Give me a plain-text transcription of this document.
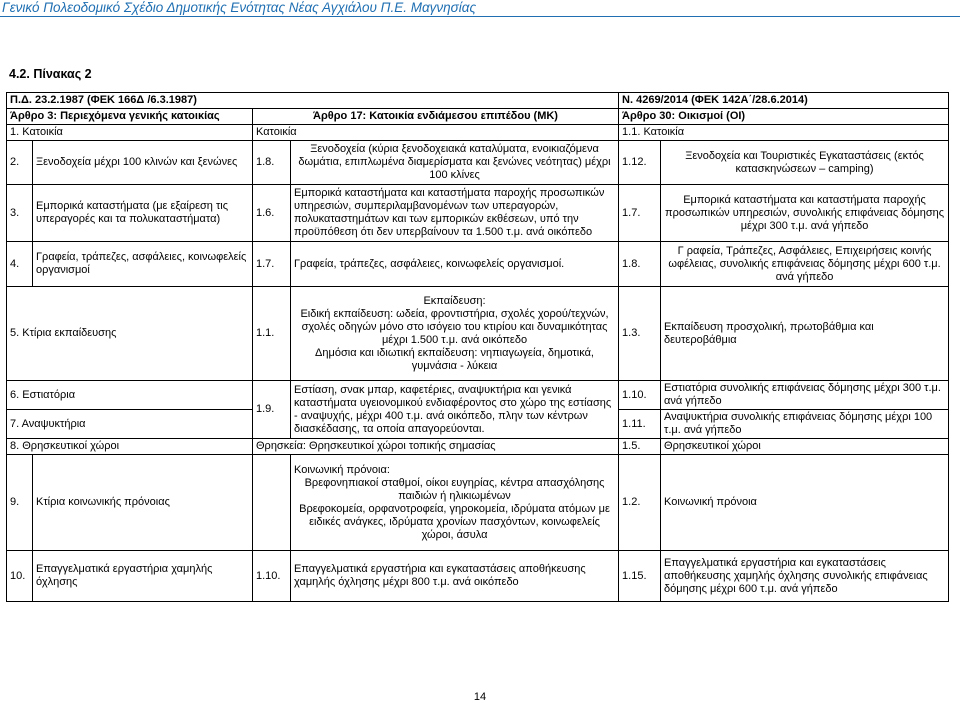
Γενικό Πολεοδομικό Σχέδιο Δημοτικής Ενότητας Νέας Αγχιάλου Π.Ε. Μαγνησίας
4.2. Πίνακας 2
Π.Δ. 23.2.1987 (ΦΕΚ 166Δ /6.3.1987)				Ν. 4269/2014 (ΦΕΚ 142Α΄/28.6.2014)	
Άρθρο 3: Περιεχόμενα γενικής κατοικίας		Άρθρο 17: Κατοικία ενδιάμεσου επιπέδου (ΜΚ)		Άρθρο 30: Οικισμοί (ΟΙ)	
1. Κατοικία		Κατοικία		1.1. Κατοικία	
2.	Ξενοδοχεία μέχρι 100 κλινών και ξενώνες	1.8.	Ξενοδοχεία (κύρια ξενοδοχειακά καταλύματα, ενοικιαζόμενα δωμάτια, επιπλωμένα διαμερίσματα και ξενώνες νεότητας) μέχρι 100 κλίνες	1.12.	Ξενοδοχεία και Τουριστικές Εγκαταστάσεις (εκτός κατασκηνώσεων – camping)
3.	Εμπορικά καταστήματα (με εξαίρεση τις υπεραγορές και τα πολυκαταστήματα)	1.6.	Εμπορικά καταστήματα και καταστήματα παροχής προσωπικών υπηρεσιών, συμπεριλαμβανομένων των υπεραγορών, πολυκαταστημάτων και των εμπορικών εκθέσεων, υπό την προϋπόθεση ότι δεν υπερβαίνουν τα 1.500 τ.μ. ανά οικόπεδο	1.7.	Εμπορικά καταστήματα και καταστήματα παροχής προσωπικών υπηρεσιών, συνολικής επιφάνειας δόμησης μέχρι 300 τ.μ. ανά γήπεδο
4.	Γραφεία, τράπεζες, ασφάλειες, κοινωφελείς οργανισμοί	1.7.	Γραφεία, τράπεζες, ασφάλειες, κοινωφελείς οργανισμοί.	1.8.	Γ ραφεία, Τράπεζες, Ασφάλειες, Επιχειρήσεις κοινής ωφέλειας, συνολικής επιφάνειας δόμησης μέχρι 600 τ.μ. ανά γήπεδο
5. Κτίρια εκπαίδευσης		1.1.	Εκπαίδευση:
Ειδική εκπαίδευση: ωδεία, φροντιστήρια, σχολές χορού/τεχνών, σχολές οδηγών μόνο στο ισόγειο του κτιρίου και δυναμικότητας μέχρι 1.500 τ.μ. ανά οικόπεδο
Δημόσια και ιδιωτική εκπαίδευση: νηπιαγωγεία, δημοτικά, γυμνάσια - λύκεια	1.3.	Εκπαίδευση προσχολική, πρωτοβάθμια και δευτεροβάθμια
6. Εστιατόρια		1.9.	Εστίαση, σνακ μπαρ, καφετέριες, αναψυκτήρια και γενικά καταστήματα υγειονομικού ενδιαφέροντος στο χώρο της εστίασης - αναψυχής, μέχρι 400 τ.μ. ανά οικόπεδο, πλην των κέντρων διασκέδασης, τα οποία απαγορεύονται.	1.10.	Εστιατόρια συνολικής επιφάνειας δόμησης μέχρι 300 τ.μ. ανά γήπεδο
7. Αναψυκτήρια				1.11.	Αναψυκτήρια συνολικής επιφάνειας δόμησης μέχρι 100 τ.μ. ανά γήπεδο
8. Θρησκευτικοί χώροι		Θρησκεία: Θρησκευτικοί χώροι τοπικής σημασίας		1.5.	Θρησκευτικοί χώροι
9.	Κτίρια κοινωνικής πρόνοιας		Κοινωνική πρόνοια:
Βρεφονηπιακοί σταθμοί, οίκοι ευγηρίας, κέντρα απασχόλησης παιδιών ή ηλικιωμένων
Βρεφοκομεία, ορφανοτροφεία, γηροκομεία, ιδρύματα ατόμων με ειδικές ανάγκες, ιδρύματα χρονίων πασχόντων, κοινωφελείς χώροι, άσυλα	1.2.	Κοινωνική πρόνοια
10.	Επαγγελματικά εργαστήρια χαμηλής όχλησης	1.10.	Επαγγελματικά εργαστήρια και εγκαταστάσεις αποθήκευσης χαμηλής όχλησης μέχρι 800 τ.μ. ανά οικόπεδο	1.15.	Επαγγελματικά εργαστήρια και εγκαταστάσεις αποθήκευσης χαμηλής όχλησης συνολικής επιφάνειας δόμησης μέχρι 600 τ.μ. ανά γήπεδο
14
